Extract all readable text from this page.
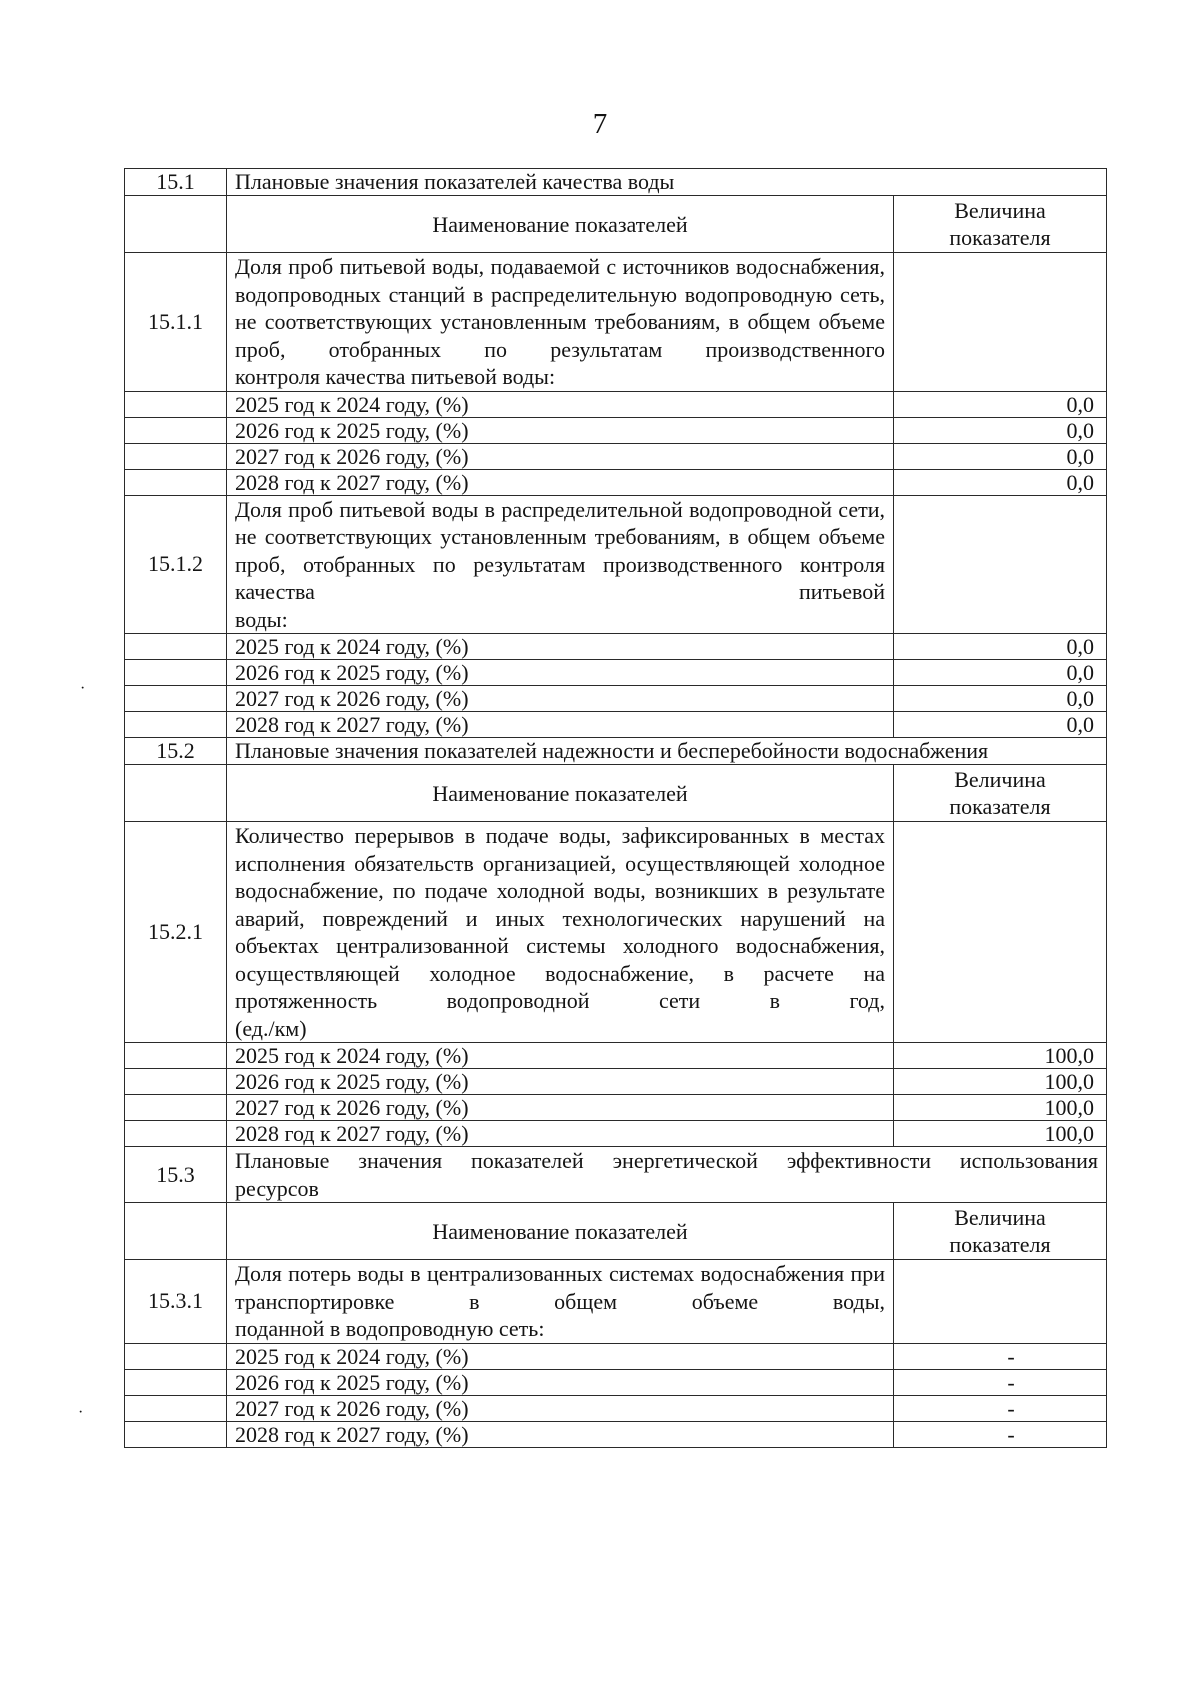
7
15.1	Плановые значения показателей качества воды	
	Наименование показателей	Величина
показателя
15.1.1	Доля проб питьевой воды, подаваемой с источников водоснабжения, водопроводных станций в распределительную водопроводную сеть, не соответствующих установленным требованиям, в общем объеме проб, отобранных по результатам производственного
контроля качества питьевой воды:	

	2025 год к 2024 году, (%)	0,0
	2026 год к 2025 году, (%)	0,0
	2027 год к 2026 году, (%)	0,0
	2028 год к 2027 году, (%)	0,0
15.1.2	Доля проб питьевой воды в распределительной водопроводной сети, не соответствующих установленным требованиям, в общем объеме проб, отобранных по результатам производственного контроля качества питьевой
воды:	

	2025 год к 2024 году, (%)	0,0
	2026 год к 2025 году, (%)	0,0
	2027 год к 2026 году, (%)	0,0
	2028 год к 2027 году, (%)	0,0
15.2	Плановые значения показателей надежности и бесперебойности водоснабжения	
	Наименование показателей	Величина
показателя
15.2.1	Количество перерывов в подаче воды, зафиксированных в местах исполнения обязательств организацией, осуществляющей холодное водоснабжение, по подаче холодной воды, возникших в результате аварий, повреждений и иных технологических нарушений на объектах централизованной системы холодного водоснабжения, осуществляющей холодное водоснабжение, в расчете на протяженность водопроводной сети в год,
(ед./км)	

	2025 год к 2024 году, (%)	100,0
	2026 год к 2025 году, (%)	100,0
	2027 год к 2026 году, (%)	100,0
	2028 год к 2027 году, (%)	100,0
15.3	Плановые значения показателей энергетической эффективности использования
ресурсов	

	Наименование показателей	Величина
показателя
15.3.1	Доля потерь воды в централизованных системах водоснабжения при транспортировке в общем объеме воды,
поданной в водопроводную сеть:	

	2025 год к 2024 году, (%)	-
	2026 год к 2025 году, (%)	-
	2027 год к 2026 году, (%)	-
	2028 год к 2027 году, (%)	-
·
·
